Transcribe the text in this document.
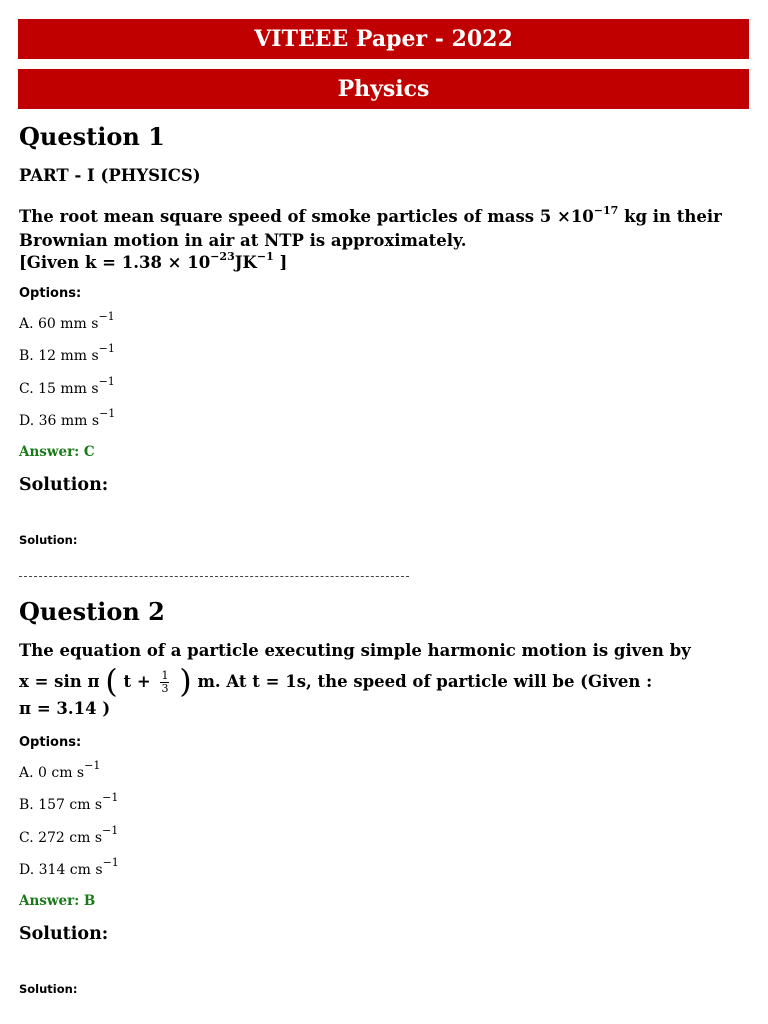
VITEEE Paper - 2022
Physics
Question 1
PART - I (PHYSICS)
The root mean square speed of smoke particles of mass $5 \times 10^{-17}$ kg in their Brownian motion in air at NTP is approximately.
[Given $k = 1.38 \times 10^{-23}JK^{-1}$ ]
Options:
A. 60 mm $s^{-1}$
B. 12 mm $s^{-1}$
C. 15 mm $s^{-1}$
D. 36 mm $s^{-1}$
Answer: C
Solution:
Solution:
Question 2
The equation of a particle executing simple harmonic motion is given by
x = sin π ( $t + \frac{1}{3}$ ) m. At t = 1s, the speed of particle will be (Given :
π = 3.14 )
Options:
A. 0 cm $s^{-1}$
B. 157 cm $s^{-1}$
C. 272 cm $s^{-1}$
D. 314 cm $s^{-1}$
Answer: B
Solution:
Solution:
